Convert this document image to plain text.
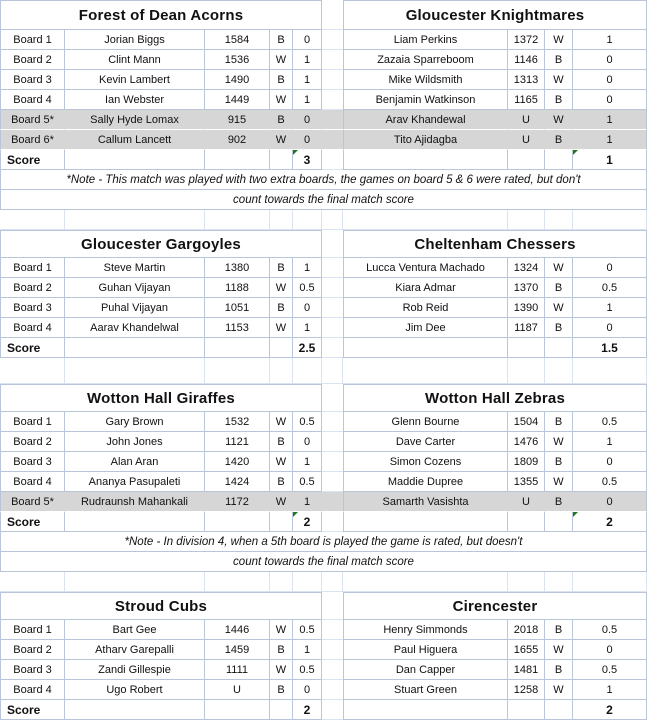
Forest of Dean Acorns	Gloucester Knightmares
Board 1	Jorian Biggs	1584	B	0	Liam Perkins	1372	W	1
Board 2	Clint Mann	1536	W	1	Zazaia Sparreboom	1146	B	0
Board 3	Kevin Lambert	1490	B	1	Mike Wildsmith	1313	W	0
Board 4	Ian Webster	1449	W	1	Benjamin Watkinson	1165	B	0
Board 5*	Sally Hyde Lomax	915	B	0	Arav Khandewal	U	W	1
Board 6*	Callum Lancett	902	W	0	Tito Ajidagba	U	B	1
Score	3	1
*Note - This match was played with two extra boards, the games on board 5 & 6 were rated, but don't
count towards the final match score
Gloucester Gargoyles	Cheltenham Chessers
Board 1	Steve Martin	1380	B	1	Lucca Ventura Machado	1324	W	0
Board 2	Guhan Vijayan	1188	W	0.5	Kiara Admar	1370	B	0.5
Board 3	Puhal Vijayan	1051	B	0	Rob Reid	1390	W	1
Board 4	Aarav Khandelwal	1153	W	1	Jim Dee	1187	B	0
Score	2.5	1.5
Wotton Hall Giraffes	Wotton Hall Zebras
Board 1	Gary Brown	1532	W	0.5	Glenn Bourne	1504	B	0.5
Board 2	John Jones	1121	B	0	Dave Carter	1476	W	1
Board 3	Alan Aran	1420	W	1	Simon Cozens	1809	B	0
Board 4	Ananya Pasupaleti	1424	B	0.5	Maddie Dupree	1355	W	0.5
Board 5*	Rudraunsh Mahankali	1172	W	1	Samarth Vasishta	U	B	0
Score	2	2
*Note - In division 4, when a 5th board is played the game is rated, but doesn't
count towards the final match score
Stroud Cubs	Cirencester
Board 1	Bart Gee	1446	W	0.5	Henry Simmonds	2018	B	0.5
Board 2	Atharv Garepalli	1459	B	1	Paul Higuera	1655	W	0
Board 3	Zandi Gillespie	1111	W	0.5	Dan Capper	1481	B	0.5
Board 4	Ugo Robert	U	B	0	Stuart Green	1258	W	1
Score	2	2
